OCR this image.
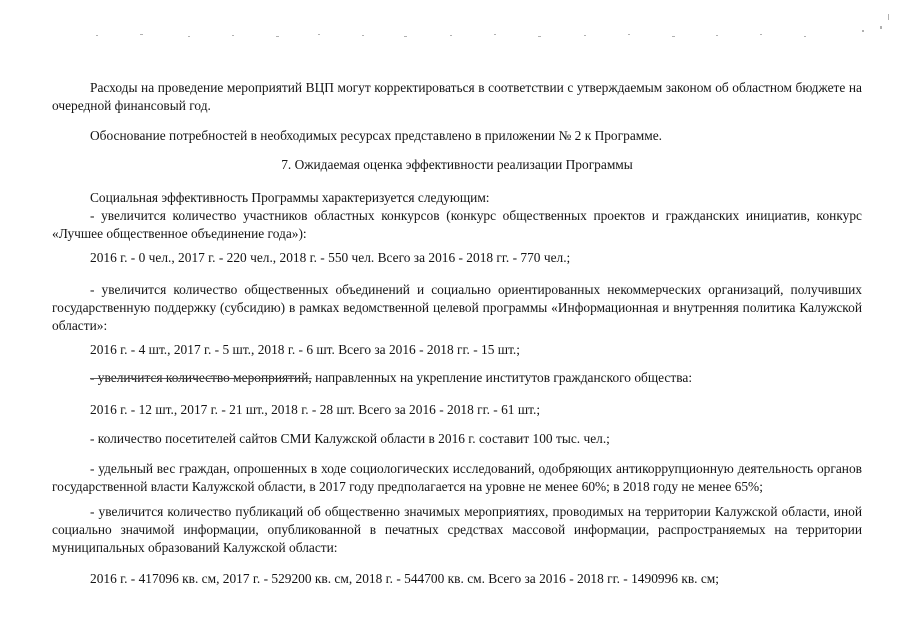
Расходы на проведение мероприятий ВЦП могут корректироваться в соответствии с утверждаемым законом об областном бюджете на очередной финансовый год.

Обоснование потребностей в необходимых ресурсах представлено в приложении № 2 к Программе.

7. Ожидаемая оценка эффективности реализации Программы

Социальная эффективность Программы характеризуется следующим:

- увеличится количество участников областных конкурсов (конкурс общественных проектов и гражданских инициатив, конкурс «Лучшее общественное объединение года»):

2016 г. - 0 чел., 2017 г. - 220 чел., 2018 г. - 550 чел. Всего за 2016 - 2018 гг. - 770 чел.;

- увеличится количество общественных объединений и социально ориентированных некоммерческих организаций, получивших государственную поддержку (субсидию) в рамках ведомственной целевой программы «Информационная и внутренняя политика Калужской области»:

2016 г. - 4 шт., 2017 г. - 5 шт., 2018 г. - 6 шт. Всего за 2016 - 2018 гг. - 15 шт.;

- увеличится количество мероприятий, направленных на укрепление институтов гражданского общества:

2016 г. - 12 шт., 2017 г. - 21 шт., 2018 г. - 28 шт. Всего за 2016 - 2018 гг. - 61 шт.;

- количество посетителей сайтов СМИ Калужской области в 2016 г. составит 100 тыс. чел.;

- удельный вес граждан, опрошенных в ходе социологических исследований, одобряющих антикоррупционную деятельность органов государственной власти Калужской области, в 2017 году предполагается на уровне не менее 60%; в 2018 году не менее 65%;

- увеличится количество публикаций об общественно значимых мероприятиях, проводимых на территории Калужской области, иной социально значимой информации, опубликованной в печатных средствах массовой информации, распространяемых на территории муниципальных образований Калужской области:

2016 г. - 417096 кв. см, 2017 г. - 529200 кв. см, 2018 г. - 544700 кв. см. Всего за 2016 - 2018 гг. - 1490996 кв. см;
